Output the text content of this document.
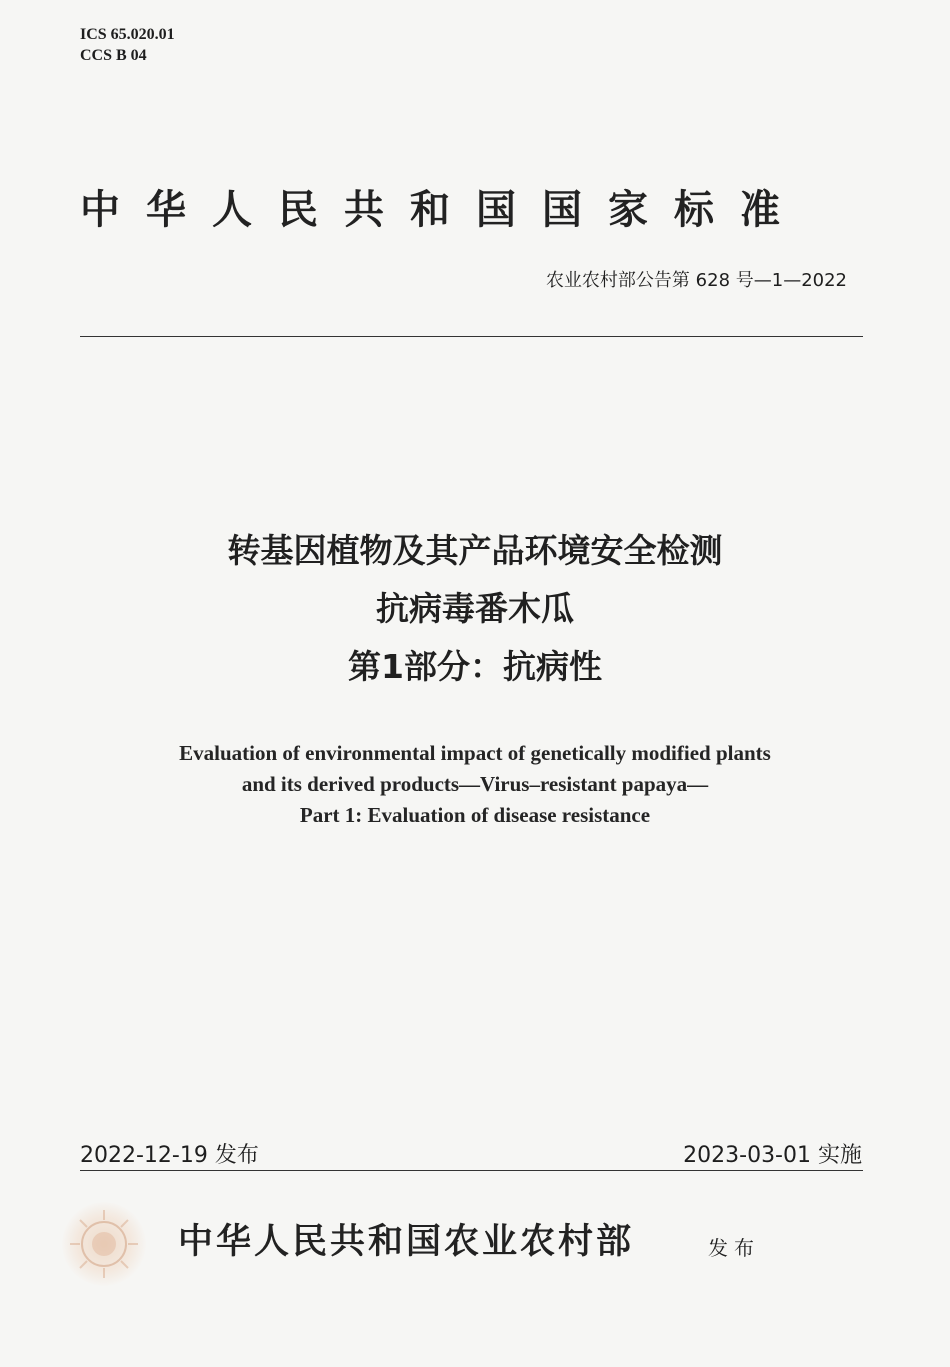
ICS 65.020.01
CCS B 04
中华人民共和国国家标准
农业农村部公告第 628 号—1—2022
转基因植物及其产品环境安全检测
抗病毒番木瓜
第1部分：抗病性
Evaluation of environmental impact of genetically modified plants
and its derived products—Virus–resistant papaya—
Part 1: Evaluation of disease resistance
2022-12-19 发布	2023-03-01 实施
中华人民共和国农业农村部	发布
